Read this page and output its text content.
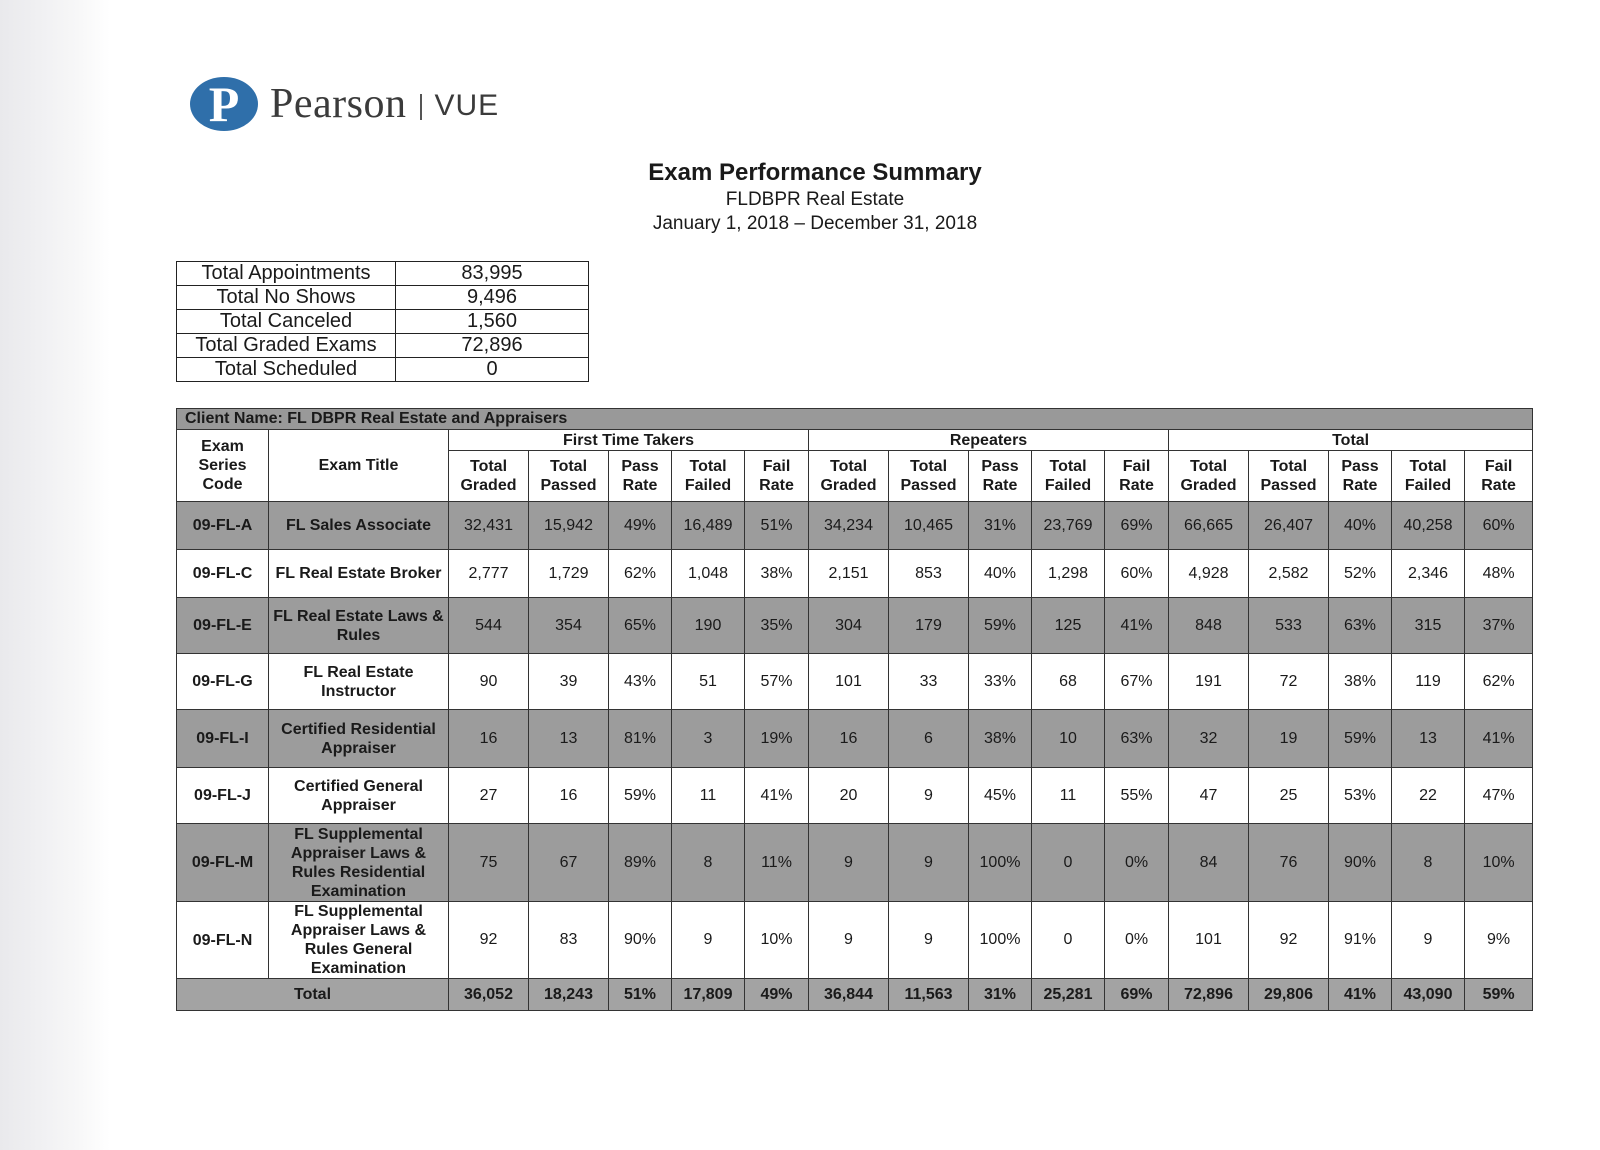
P Pearson VUE
Exam Performance Summary
FLDBPR Real Estate
January 1, 2018 – December 31, 2018
Total Appointments	83,995
Total No Shows	9,496
Total Canceled	1,560
Total Graded Exams	72,896
Total Scheduled	0
Client Name: FL DBPR Real Estate and Appraisers																
Exam Series Code	Exam Title	First Time Takers					Repeaters					Total				
		Total Graded	Total Passed	Pass Rate	Total Failed	Fail Rate	Total Graded	Total Passed	Pass Rate	Total Failed	Fail Rate	Total Graded	Total Passed	Pass Rate	Total Failed	Fail Rate
09-FL-A	FL Sales Associate	32,431	15,942	49%	16,489	51%	34,234	10,465	31%	23,769	69%	66,665	26,407	40%	40,258	60%
09-FL-C	FL Real Estate Broker	2,777	1,729	62%	1,048	38%	2,151	853	40%	1,298	60%	4,928	2,582	52%	2,346	48%
09-FL-E	FL Real Estate Laws & Rules	544	354	65%	190	35%	304	179	59%	125	41%	848	533	63%	315	37%
09-FL-G	FL Real Estate Instructor	90	39	43%	51	57%	101	33	33%	68	67%	191	72	38%	119	62%
09-FL-I	Certified Residential Appraiser	16	13	81%	3	19%	16	6	38%	10	63%	32	19	59%	13	41%
09-FL-J	Certified General Appraiser	27	16	59%	11	41%	20	9	45%	11	55%	47	25	53%	22	47%
09-FL-M	FL Supplemental Appraiser Laws & Rules Residential Examination	75	67	89%	8	11%	9	9	100%	0	0%	84	76	90%	8	10%
09-FL-N	FL Supplemental Appraiser Laws & Rules General Examination	92	83	90%	9	10%	9	9	100%	0	0%	101	92	91%	9	9%
Total		36,052	18,243	51%	17,809	49%	36,844	11,563	31%	25,281	69%	72,896	29,806	41%	43,090	59%
